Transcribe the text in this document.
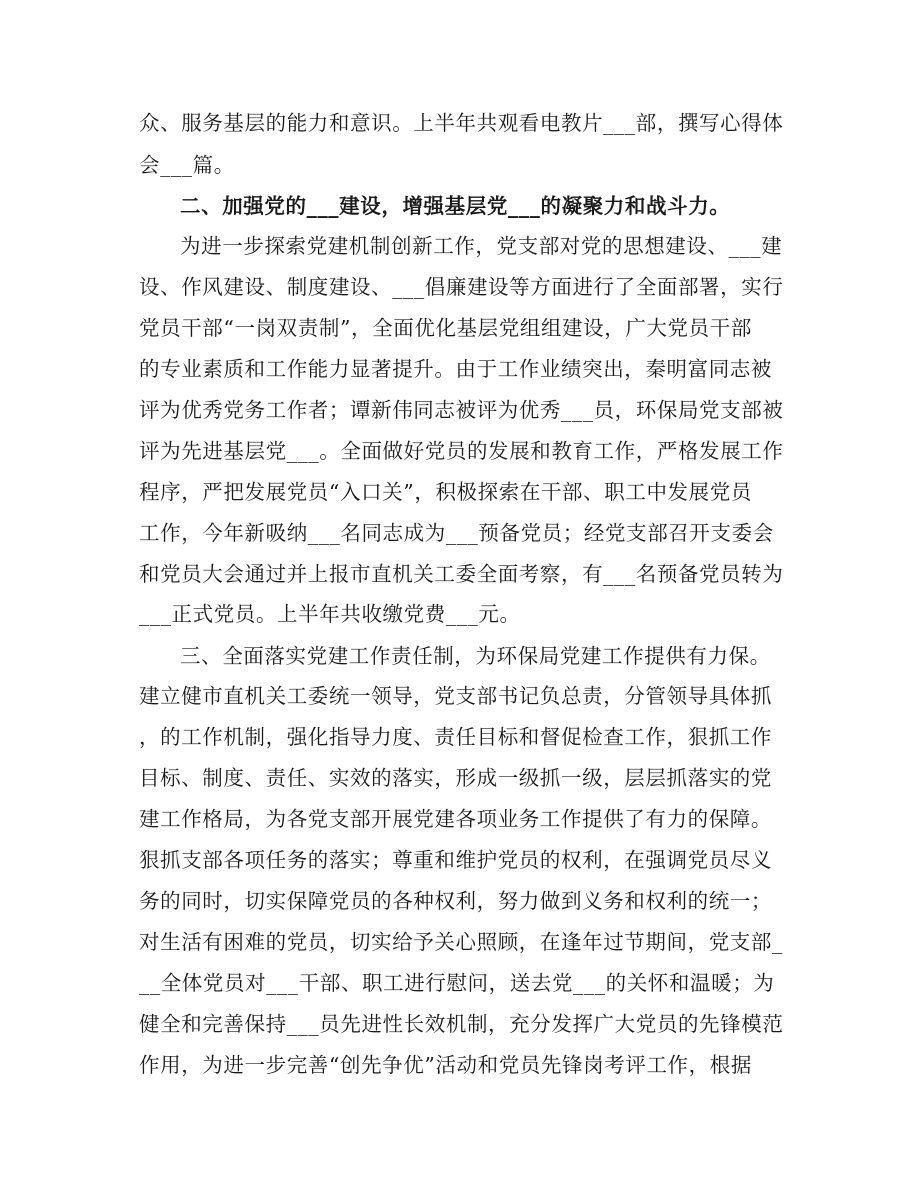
众、服务基层的能力和意识。上半年共观看电教片___部，撰写心得体
会___篇。
二、加强党的___建设，增强基层党___的凝聚力和战斗力。
为进一步探索党建机制创新工作，党支部对党的思想建设、___建
设、作风建设、制度建设、___倡廉建设等方面进行了全面部署，实行
党员干部“一岗双责制”，全面优化基层党组组建设，广大党员干部
的专业素质和工作能力显著提升。由于工作业绩突出，秦明富同志被
评为优秀党务工作者；谭新伟同志被评为优秀___员，环保局党支部被
评为先进基层党___。全面做好党员的发展和教育工作，严格发展工作
程序，严把发展党员“入口关”，积极探索在干部、职工中发展党员
工作，今年新吸纳___名同志成为___预备党员；经党支部召开支委会
和党员大会通过并上报市直机关工委全面考察，有___名预备党员转为
___正式党员。上半年共收缴党费___元。
三、全面落实党建工作责任制，为环保局党建工作提供有力保。
建立健市直机关工委统一领导，党支部书记负总责，分管领导具体抓
，的工作机制，强化指导力度、责任目标和督促检查工作，狠抓工作
目标、制度、责任、实效的落实，形成一级抓一级，层层抓落实的党
建工作格局，为各党支部开展党建各项业务工作提供了有力的保障。
狠抓支部各项任务的落实；尊重和维护党员的权利，在强调党员尽义
务的同时，切实保障党员的各种权利，努力做到义务和权利的统一；
对生活有困难的党员，切实给予关心照顾，在逢年过节期间，党支部_
__全体党员对___干部、职工进行慰问，送去党___的关怀和温暖；为
健全和完善保持___员先进性长效机制，充分发挥广大党员的先锋模范
作用，为进一步完善“创先争优”活动和党员先锋岗考评工作，根据
